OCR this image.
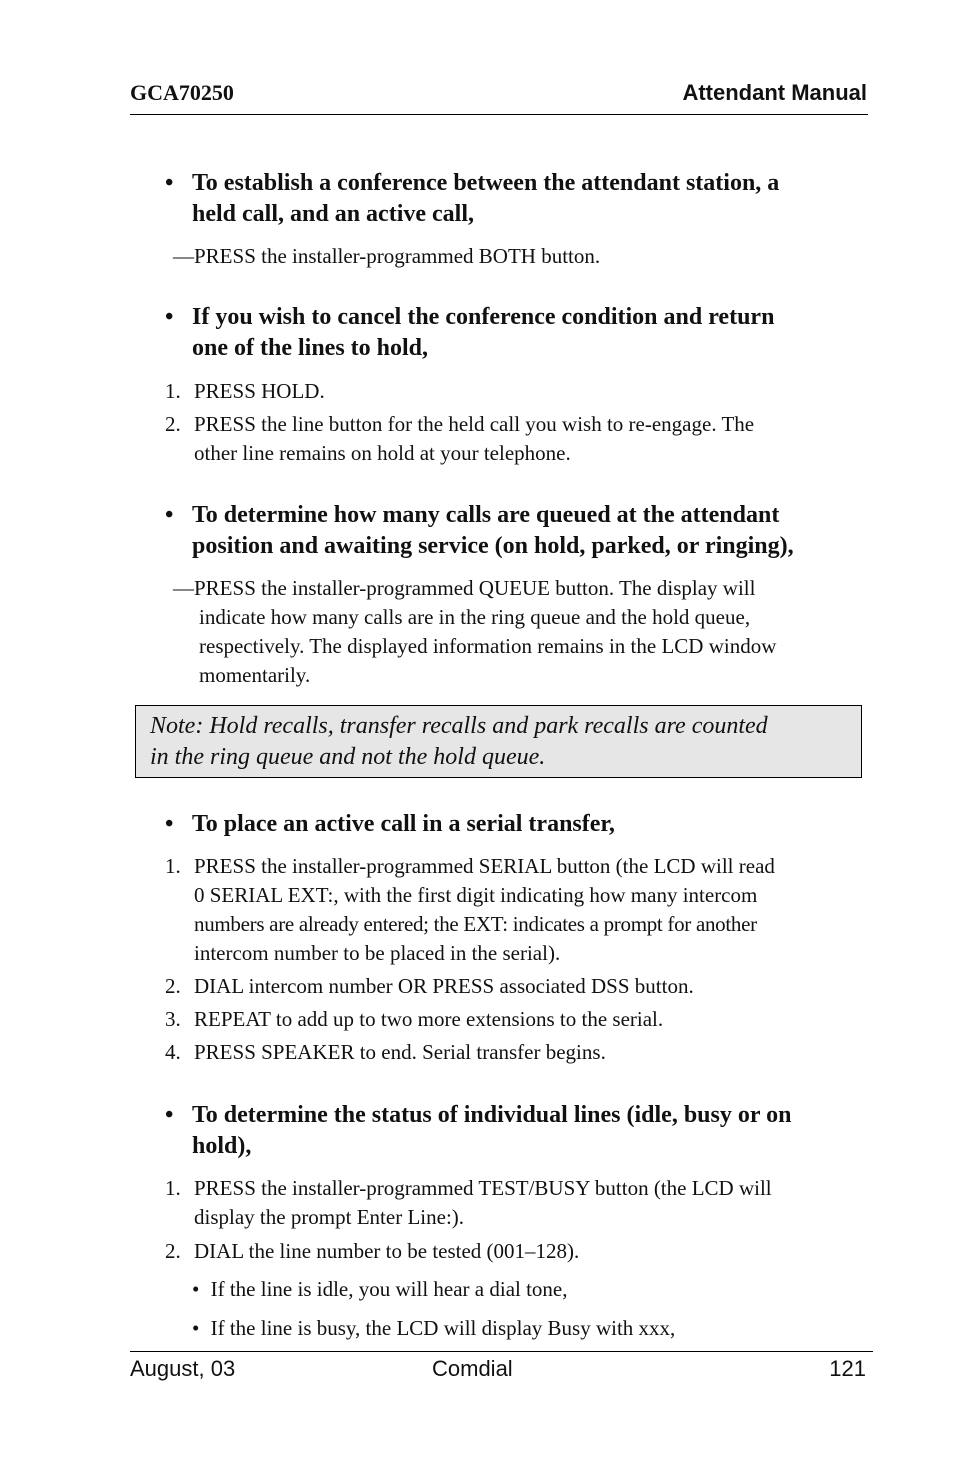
GCA70250	Attendant Manual
• To establish a conference between the attendant station, a
held call, and an active call,
—PRESS the installer-programmed BOTH button.
• If you wish to cancel the conference condition and return
one of the lines to hold,
1. PRESS HOLD.
2. PRESS the line button for the held call you wish to re-engage. The
other line remains on hold at your telephone.
• To determine how many calls are queued at the attendant
position and awaiting service (on hold, parked, or ringing),
—PRESS the installer-programmed QUEUE button. The display will
indicate how many calls are in the ring queue and the hold queue,
respectively. The displayed information remains in the LCD window
momentarily.
Note: Hold recalls, transfer recalls and park recalls are counted
in the ring queue and not the hold queue.
• To place an active call in a serial transfer,
1. PRESS the installer-programmed SERIAL button (the LCD will read
0 SERIAL EXT:, with the first digit indicating how many intercom
numbers are already entered; the EXT: indicates a prompt for another
intercom number to be placed in the serial).
2. DIAL intercom number OR PRESS associated DSS button.
3. REPEAT to add up to two more extensions to the serial.
4. PRESS SPEAKER to end. Serial transfer begins.
• To determine the status of individual lines (idle, busy or on
hold),
1. PRESS the installer-programmed TEST/BUSY button (the LCD will
display the prompt Enter Line:).
2. DIAL the line number to be tested (001–128).
• If the line is idle, you will hear a dial tone,
• If the line is busy, the LCD will display Busy with xxx,
August, 03	Comdial	121
